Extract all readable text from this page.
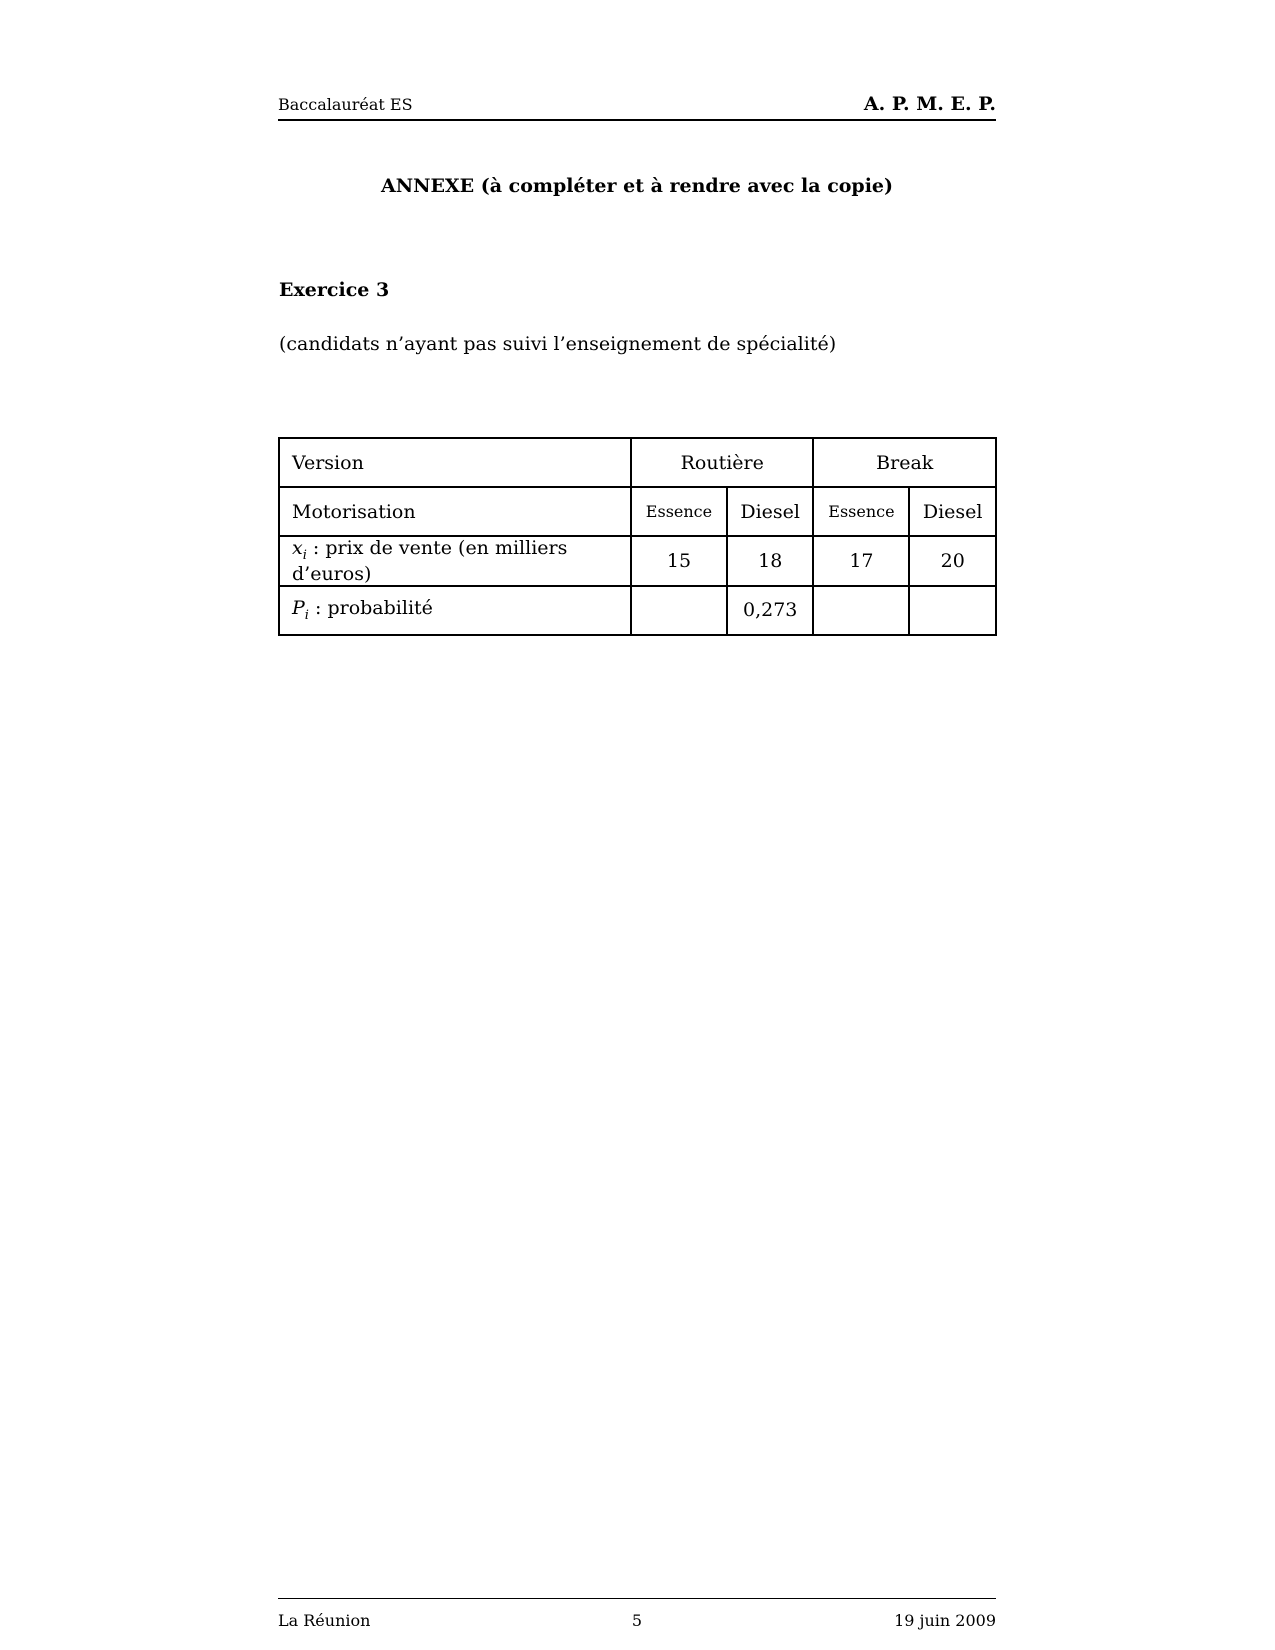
Baccalauréat ES	A. P. M. E. P.
ANNEXE (à compléter et à rendre avec la copie)
Exercice 3
(candidats n’ayant pas suivi l’enseignement de spécialité)
Version	Routière		Break	
Motorisation	Essence	Diesel	Essence	Diesel
$x_i$ : prix de vente (en milliers d’euros)	15	18	17	20
$P_i$ : probabilité		0,273		
La Réunion	5	19 juin 2009
